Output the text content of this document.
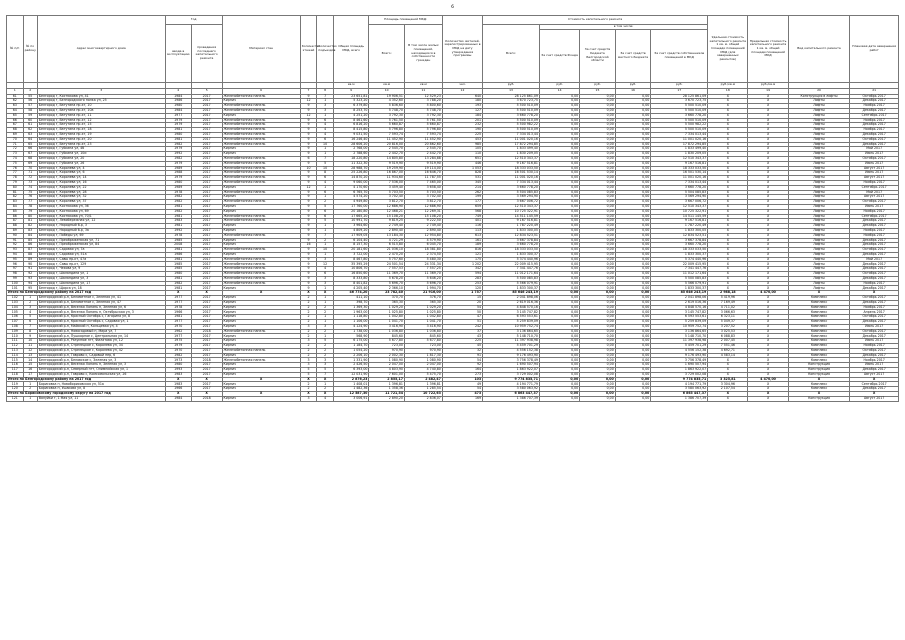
6
№ п/п	№ по району	Адрес многоквартирного дома	Год		Материал стен	Количество этажей	Количество подъездов	Общая площадь МКД, всего	Площадь помещений МКД:		Количество жителей, зарегистрированных в МКД на дату утверждения программы	Стоимость капитального ремонта					Удельная стоимость капитального ремонта 1 кв. м. общей площади помещений МКД (для завершенных ремонтов)	Предельная стоимость капитального ремонта 1 кв. м. общей площади помещений МКД	Вид капитального ремонта	Плановая дата завершения работ
			ввода в эксплуатацию	проведения последнего капитального ремонта					Всего:	В том числе жилых помещений, находящихся в собственности граждан		Всего:	в том числе:							
													За счет средств Фонда	За счет средств бюджета Белгородской области	За счет средств местного бюджета	За счет средств собственников помещений в МКД				
								кв.м	кв.м	кв.м	чел.	руб.	руб.	руб.	руб.	руб.	руб./кв.м	руб./кв.м		
1	2	3	4	5	6	7	8	9	10	11	12	13	14	15	16	17	18	19	20	21
61	55	Белгород г, Костюкова ул, 41	1984	2017	Железобетонная панель	9	7	23 651,81	19 906,51	12 529,23	640	28 125 861,09	0,00	0,00	0,00	28 125 861,09	X	X	Конструкция в лифты	Октябрь 2017
62	56	Белгород г, Белгородского полка ул, 25	1986	2017	Кирпич	12	1	5 323,20	4 352,60	3 788,20	180	3 670 723,75	0,00	0,00	0,00	3 670 723,75	X	X	Лифты	Декабрь 2017
63	57	Белгород г, Ватутина пр-кт, 10	1980	2017	Железобетонная панель	9	3	6 379,80	5 836,60	5 800,60	193	5 500 510,09	0,00	0,00	0,00	5 500 510,09	X	X	Лифты	Ноябрь 2017
64	58	Белгород г, Ватутина пр-кт, 10а	1984	2017	Железобетонная панель	9	3	8 253,70	5 748,70	5 748,70	127	5 500 510,09	0,00	0,00	0,00	5 500 510,09	X	X	Лифты	Декабрь 2017
65	59	Белгород г, Ватутина пр-кт, 11	1977	2017	Кирпич	12	1	4 251,20	3 792,30	3 792,30	184	3 660 778,20	0,00	0,00	0,00	3 660 778,20	X	X	Лифты	Сентябрь 2017
66	60	Белгород г, Ватутина пр-кт, 12	1979	2017	Железобетонная панель	9	6	8 461,60	5 761,50	5 761,50	201	5 500 510,09	0,00	0,00	0,00	5 500 510,09	X	X	Лифты	Ноябрь 2017
67	61	Белгород г, Ватутина пр-кт, 15	1979	2017	Железобетонная панель	9	4	6 816,20	5 660,87	5 660,87	232	5 500 982,22	0,00	0,00	0,00	5 500 982,22	X	X	Лифты	Декабрь 2017
68	62	Белгород г, Ватутина пр-кт, 18	1981	2017	Железобетонная панель	9	4	8 415,80	5 796,80	5 796,80	190	5 500 510,09	0,00	0,00	0,00	5 500 510,09	X	X	Лифты	Ноябрь 2017
69	63	Белгород г, Ватутина пр-кт, 19	1980	2017	Железобетонная панель	9	4	9 031,50	7 593,74	7 593,74	225	7 334 013,44	0,00	0,00	0,00	7 334 013,44	X	X	Лифты	Декабрь 2017
70	64	Белгород г, Ватутина пр-кт, 20	1981	2017	Железобетонная панель	9	6	16 246,40	11 452,90	11 452,90	453	11 001 020,16	0,00	0,00	0,00	11 001 020,16	X	X	Лифты	Октябрь 2017
71	65	Белгород г, Ватутина пр-кт, 23	1982	2017	Железобетонная панель	9	10	28 606,20	20 816,00	20 862,60	985	17 872 294,85	0,00	0,00	0,00	17 872 294,85	X	X	Лифты	Декабрь 2017
72	66	Белгород г, Губкина ул, 4б	1979	2017	Кирпич	9	1	2 768,00	2 545,70	2 545,70	105	1 833 499,40	0,00	0,00	0,00	1 833 499,40	X	X	Лифты	Май 2017
73	67	Белгород г, Губкина ул, 10и	1992	2017	Кирпич	9	1	2 788,60	2 442,70	2 442,70	110	1 830 209,05	0,00	0,00	0,00	1 830 209,05	X	X	Лифты	Июль 2017
74	68	Белгород г, Губкина ул, 20	1982	2017	Железобетонная панель	6	7	18 220,80	14 805,80	13 284,88	651	12 510 343,37	0,00	0,00	0,00	12 510 343,37	X	X	Лифты	Октябрь 2017
75	69	Белгород г, Губкина ул, 26	1979	2017	Железобетонная панель	9	5	11 322,30	9 519,90	9 519,90	446	9 167 516,81	0,00	0,00	0,00	9 167 516,81	X	X	Лифты	Июль 2017
76	70	Белгород г, Королева ул, 4	1989	2017	Железобетонная панель	10	10	28 988,70	19 259,90	19 114,00	1 053	18 333 033,50	0,00	0,00	0,00	18 333 033,50	X	X	Лифты	Август 2017
77	71	Белгород г, Королева ул, 6	1988	2017	Железобетонная панель	9	8	25 226,80	16 867,00	16 646,70	828	16 501 530,14	0,00	0,00	0,00	16 501 530,14	X	X	Лифты	Июнь 2017
78	72	Белгород г, Королева ул, 14	1979	2017	Железобетонная панель	9	6	14 870,20	11 934,60	11 787,55	531	11 001 020,16	0,00	0,00	0,00	11 001 020,16	X	X	Лифты	Август 2017
79	73	Белгород г, Королева ул, 16	1980	2017	Железобетонная панель	9	4	9 060,00	7 536,00	7 465,00	345	7 334 013,44	0,00	0,00	0,00	7 334 013,44	X	X	Лифты	Ноябрь 2017
80	74	Белгород г, Королева ул, 22	1989	2017	Кирпич	12	1	4 170,60	3 459,40	3 658,40	214	3 660 778,20	0,00	0,00	0,00	3 660 778,20	X	X	Лифты	Сентябрь 2017
81	75	Белгород г, Королева ул, 28	1978	2017	Железобетонная панель	9	6	6 765,70	5 703,50	5 703,50	262	5 504 085,83	0,00	0,00	0,00	5 504 085,83	X	X	Лифты	Май 2017
82	76	Белгород г, Королева ул, 32	1982	2017	Кирпич	9	1	4 574,20	3 702,40	3 702,40	199	3 569 294,90	0,00	0,00	0,00	3 569 294,90	X	X	Лифты	Август 2017
83	77	Белгород г, Королева ул, 37	1982	2017	Железобетонная панель	9	2	4 949,80	3 812,70	3 812,70	177	3 667 006,72	0,00	0,00	0,00	3 667 006,72	X	X	Лифты	Октябрь 2017
84	78	Белгород г, Костюкова ул, 36	1981	2017	Кирпич	9	5	17 760,00	12 686,90	12 686,90	659	12 510 343,37	0,00	0,00	0,00	12 510 343,37	X	X	Лифты	Июнь 2017
85	79	Белгород г, Костюкова ул, 69	1982	2017	Кирпич	9	6	20 180,80	12 468,21	12 269,31	568	10 725 322,91	0,00	0,00	0,00	10 725 322,91	X	X	Лифты	Ноябрь 2017
86	80	Белгород г, Костюкова ул, 70/1	1981	2017	Железобетонная панель	9	6	17 665,20	15 108,20	15 108,20	749	14 511 145,59	0,00	0,00	0,00	14 511 145,59	X	X	Лифты	Сентябрь 2017
87	81	Белгород г, Левобережная ул, 12	1983	2017	Железобетонная панель	9	5	10 991,70	9 819,25	9 222,50	401	9 167 516,81	0,00	0,00	0,00	9 167 516,81	X	X	Лифты	Декабрь 2017
88	82	Белгород г, Народный б-р, 3	1981	2017	Кирпич	9	1	3 964,60	2 749,40	2 749,40	116	1 787 220,49	0,00	0,00	0,00	1 787 220,49	X	X	Лифты	Декабрь 2017
89	83	Белгород г, Народный б-р, 3а	1992	2017	Кирпич	9	1	4 809,20	2 890,40	2 890,40	113	1 833 300,05	0,00	0,00	0,00	1 833 300,05	X	X	Лифты	Ноябрь 2017
90	84	Белгород г, Победы ул, 69	1978	2017	Железобетонная панель	9	7	17 909,05	13 184,30	12 954,80	613	12 834 523,51	0,00	0,00	0,00	12 834 523,51	X	X	Лифты	Ноябрь 2017
91	85	Белгород г, Преображенская ул, 71	1985	2017	Кирпич	9	2	6 104,40	4 721,29	4 579,90	161	3 667 378,84	0,00	0,00	0,00	3 667 378,84	X	X	Лифты	Декабрь 2017
92	86	Белгород г, Преображенская ул, 84	2008	2017	Кирпич	16	1	8 157,30	6 515,80	6 045,70	189	3 660 778,20	0,00	0,00	0,00	3 660 778,20	X	X	Лифты	Декабрь 2017
93	87	Белгород г, Садовая ул, 7а	1981	2017	Железобетонная панель	9	10	20 181,60	21 036,10	18 381,80	816	18 333 033,50	0,00	0,00	0,00	18 333 033,50	X	X	Лифты	Октябрь 2017
94	88	Белгород г, Садовая ул, 51а	1986	2017	Кирпич	9	1	3 722,00	2 470,20	2 374,50	121	1 833 300,37	0,00	0,00	0,00	1 833 300,37	X	X	Лифты	Декабрь 2017
95	89	Белгород г, Савы пр-кт, 47а	1981	2017	Железобетонная панель	9	3	8 467,80	5 757,60	5 480,30	175	5 374 440,96	0,00	0,00	0,00	5 374 440,96	X	X	Лифты	Май 2017
96	90	Белгород г, Савы пр-кт, 129	1985	2017	Железобетонная панель	9	12	35 395,29	24 501,54	24 331,34	1 202	22 009 415,95	0,00	0,00	0,00	22 009 415,95	X	X	Лифты	Декабрь 2017
97	91	Белгород г, Чехова ул, 9	1985	2017	Железобетонная панель	9	4	10 806,70	7 557,53	7 557,25	342	7 341 447,76	0,00	0,00	0,00	7 341 447,76	X	X	Лифты	Декабрь 2017
98	92	Белгород г, Шаландина ул, 1	1980	2017	Железобетонная панель	9	6	16 850,60	11 369,70	11 369,70	594	11 012 171,64	0,00	0,00	0,00	11 012 171,64	X	X	Лифты	Октябрь 2017
99	93	Белгород г, Шаландина ул, 3	1981	2017	Железобетонная панель	9	3	8 333,80	5 678,20	5 646,20	283	5 500 085,83	0,00	0,00	0,00	5 500 085,83	X	X	Лифты	Декабрь 2017
100	94	Белгород г, Шаландина ул, 17	1982	2017	Железобетонная панель	9	3	8 401,82	5 696,70	5 696,70	253	5 566 079,91	0,00	0,00	0,00	5 566 079,91	X	X	Лифты	Ноябрь 2017
101	95	Белгород г, Щорса ул, 18	1981	2017	Кирпич	9	1	4 205,40	2 366,10	1 994,70	120	1 833 300,37	0,00	0,00	0,00	1 833 300,37	X	X	Лифты	Декабрь 2017
Итого по Белгородскому району на 2017 год			X	X	X	X	X	46 774,20	23 782,40	21 916,00	1 757	85 646 243,19	0,00	0,00	0,00	85 646 243,19	2 988,18	4 470,00	X	X
102	1	Белгородский р-н, Белометное с, Зеленая ул, 41	1977	2017	Кирпич	2	1	411,10	370,70	376,70	15	2 041 898,06	0,00	0,00	0,00	2 041 898,06	5 419,96	X	Комплекс	Октябрь 2017
103	2	Белгородский р-н, Белометное с, Зеленая ул, 47	1977	2017	Кирпич	2	1	398,70	365,30	365,30	20	2 619 016,36	0,00	0,00	0,00	2 619 016,36	7 169,49	X	Комплекс	Декабрь 2017
104	3	Белгородский р-н, Веселая Лопань п, Зеленая ул, 6	1978	2017	Кирпич	2	2	1 369,30	1 029,20	1 029,20	54	4 848 570,16	0,00	0,00	0,00	4 848 570,16	4 711,02	X	Комплекс	Ноябрь 2017
105	4	Белгородский р-н, Веселая Лопань п, Октябрьская ул, 3	1966	2017	Кирпич	2	2	1 963,00	1 025,80	1 025,80	50	3 145 747,82	0,00	0,00	0,00	3 145 747,82	3 066,63	X	Комплекс	Апрель 2017
106	5	Белгородский р-н, Красный Октябрь с, Гагарина ул, 8	1981	2017	Кирпич	2	1	1 118,80	1 042,80	1 042,80	47	6 593 553,61	0,00	0,00	0,00	6 593 553,61	6 323,11	X	Комплекс	Октябрь 2017
107	6	Белгородский р-н, Красный Октябрь с, Садовая ул, 1	1977	2017	Кирпич	2	1	1 106,00	1 041,70	1 041,70	51	5 259 839,09	0,00	0,00	0,00	5 259 839,09	5 049,37	X	Комплекс	Декабрь 2017
108	7	Белгородский р-н, Майский п, Кольцевая ул, 4	1970	2017	Кирпич	3	3	4 124,90	3 416,90	3 416,90	242	10 959 752,74	0,00	0,00	0,00	10 959 752,74	3 207,52	X	Комплекс	Июль 2017
109	8	Белгородский р-н, Новосадовый п, Мира ул, 7	1962	2018	Железобетонная панель	2	2	1 738,00	1 036,80	1 036,80	37	3 136 864,65	0,00	0,00	0,00	3 136 864,65	3 025,53	X	Комплекс	Октябрь 2017
110	9	Белгородский р-н, Пушкарное с, Центральная ул, 14	1977	2017	Кирпич	2	1	568,90	845,60	845,60	43	5 148 710,70	0,00	0,00	0,00	5 148 710,70	6 088,83	X	Комплекс	Декабрь 2017
111	10	Белгородский р-н, Разумное пгт, Филатова ул, 12	1975	2017	Кирпич	3	5	6 175,00	5 677,80	5 677,80	225	11 397 938,98	0,00	0,00	0,00	11 397 938,98	2 007,45	X	Комплекс	Июнь 2017
112	11	Белгородский р-н, Стрелецкое с, Королева ул, 34	1979	2017	Кирпич	2	2	1 184,70	723,00	723,00	45	5 459 701,29	0,00	0,00	0,00	5 459 701,29	7 551,46	X	Комплекс	Ноябрь 2017
113	12	Белгородский р-н, Стрелецкое с, Королева ул, 42	1970	2017	Железобетонная панель	2	2	1 054,20	970,90	970,90	32	4 556 152,38	0,00	0,00	0,00	4 556 152,38	4 692,71	X	Комплекс	Октябрь 2017
114	13	Белгородский р-н, Таврово с, Садовый пер, 6	1982	2017	Кирпич	2	2	2 206,10	2 002,30	1 817,30	91	9 176 493,90	0,00	0,00	0,00	9 176 493,90	4 583,14	X	Комплекс	Декабрь 2017
115	14	Белгородский р-н, Беловское с, Зеленая ул, 3	1973	2018	Железобетонная панель	3	3	1 331,90	1 080,90	1 080,90	54	3 756 378,49	0,00	0,00	0,00	3 756 378,49	X	X	Комплекс	Ноябрь 2017
116	15	Белгородский р-н, Веселая Лопань п, Зеленая ул, 3	1980	2017	Кирпич	3	3	2 426,50	2 047,00	2 047,00	92	1 690 507,94	0,00	0,00	0,00	1 690 507,94	X	X	Конструкция	Июнь 2017
117	16	Белгородский р-н, Северный пгт, Олимпийская ул, 1	1993	2017	Кирпич	5	5	6 393,00	4 803,90	4 740,80	164	1 863 922,07	0,00	0,00	0,00	1 863 922,07	X	X	Конструкция	Декабрь 2017
118	17	Белгородский р-н, Таврово с, Комсомольская ул, 26	1983	2017	Кирпич	5	7	12 031,90	7 601,00	5 475,70	273	3 729 002,08	0,00	0,00	0,00	3 729 002,08	X	X	Конструкция	Август 2017
Итого по Белгородскому району на 2017 год			X	X	X	X	X	2 876,23	2 855,17	2 482,47	103	9 774 835,71	0,00	0,00	0,00	9 774 835,71	3 325,81	4 470,00	X	X
119	1	Борисовка п, Новоборисовская ул, 51а	1983	2017	Кирпич	2	1	1 408,01	1 396,81	1 396,81	49	4 194 771,79	0,00	0,00	0,00	4 194 771,79	3 304,96	X	Комплекс	Сентябрь 2017
120	2	Борисовка п, Ушакова ул, 8	1966	2017	Кирпич	2	2	1 482,36	1 358,36	1 285,54	54	3 580 063,92	0,00	0,00	0,00	3 580 063,92	2 107,54	X	Комплекс	Декабрь 2017
Итого по Борисовскому городскому округу на 2017 год			X	X	X	X	X	12 587,30	11 721,54	10 722,63	473	6 863 447,37	0,00	0,00	0,00	6 863 447,37	X	X	X	X
121	1	Валуйки г, 1 Мая ул, 11	1984	2018	Кирпич	3	4	3 006,91	2 890,20	2 836,07	169	1 386 707,39	0,00	0,00	0,00	1 386 707,39	X	X	Конструкция	Август 2017
